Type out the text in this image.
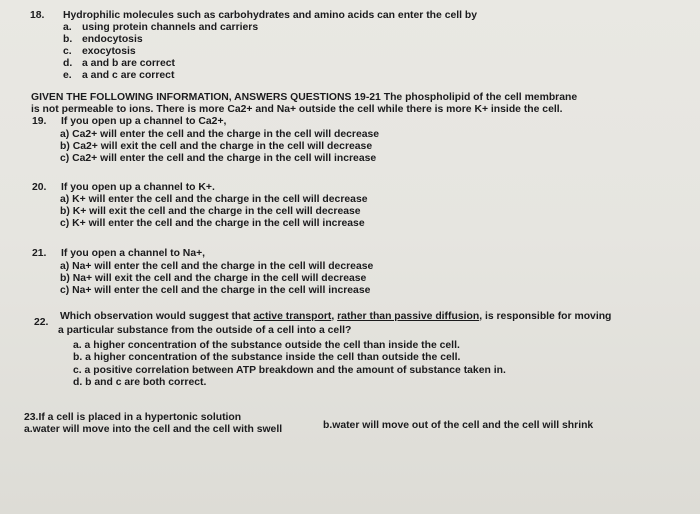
18. Hydrophilic molecules such as carbohydrates and amino acids can enter the cell by
a. using protein channels and carriers
b. endocytosis
c. exocytosis
d. a and b are correct
e. a and c are correct
GIVEN THE FOLLOWING INFORMATION, ANSWERS QUESTIONS 19-21 The phospholipid of the cell membrane
is not permeable to ions. There is more Ca2+ and Na+ outside the cell while there is more K+ inside the cell.
19. If you open up a channel to Ca2+,
a) Ca2+ will enter the cell and the charge in the cell will decrease
b) Ca2+ will exit the cell and the charge in the cell will decrease
c) Ca2+ will enter the cell and the charge in the cell will increase
20. If you open up a channel to K+.
a) K+ will enter the cell and the charge in the cell will decrease
b) K+ will exit the cell and the charge in the cell will decrease
c) K+ will enter the cell and the charge in the cell will increase
21. If you open a channel to Na+,
a) Na+ will enter the cell and the charge in the cell will decrease
b) Na+ will exit the cell and the charge in the cell will decrease
c) Na+ will enter the cell and the charge in the cell will increase
22.
Which observation would suggest that active transport, rather than passive diffusion, is responsible for moving
a particular substance from the outside of a cell into a cell?
a. a higher concentration of the substance outside the cell than inside the cell.
b. a higher concentration of the substance inside the cell than outside the cell.
c. a positive correlation between ATP breakdown and the amount of substance taken in.
d. b and c are both correct.
23.If a cell is placed in a hypertonic solution
a.water will move into the cell and the cell with swell	b.water will move out of the cell and the cell will shrink
